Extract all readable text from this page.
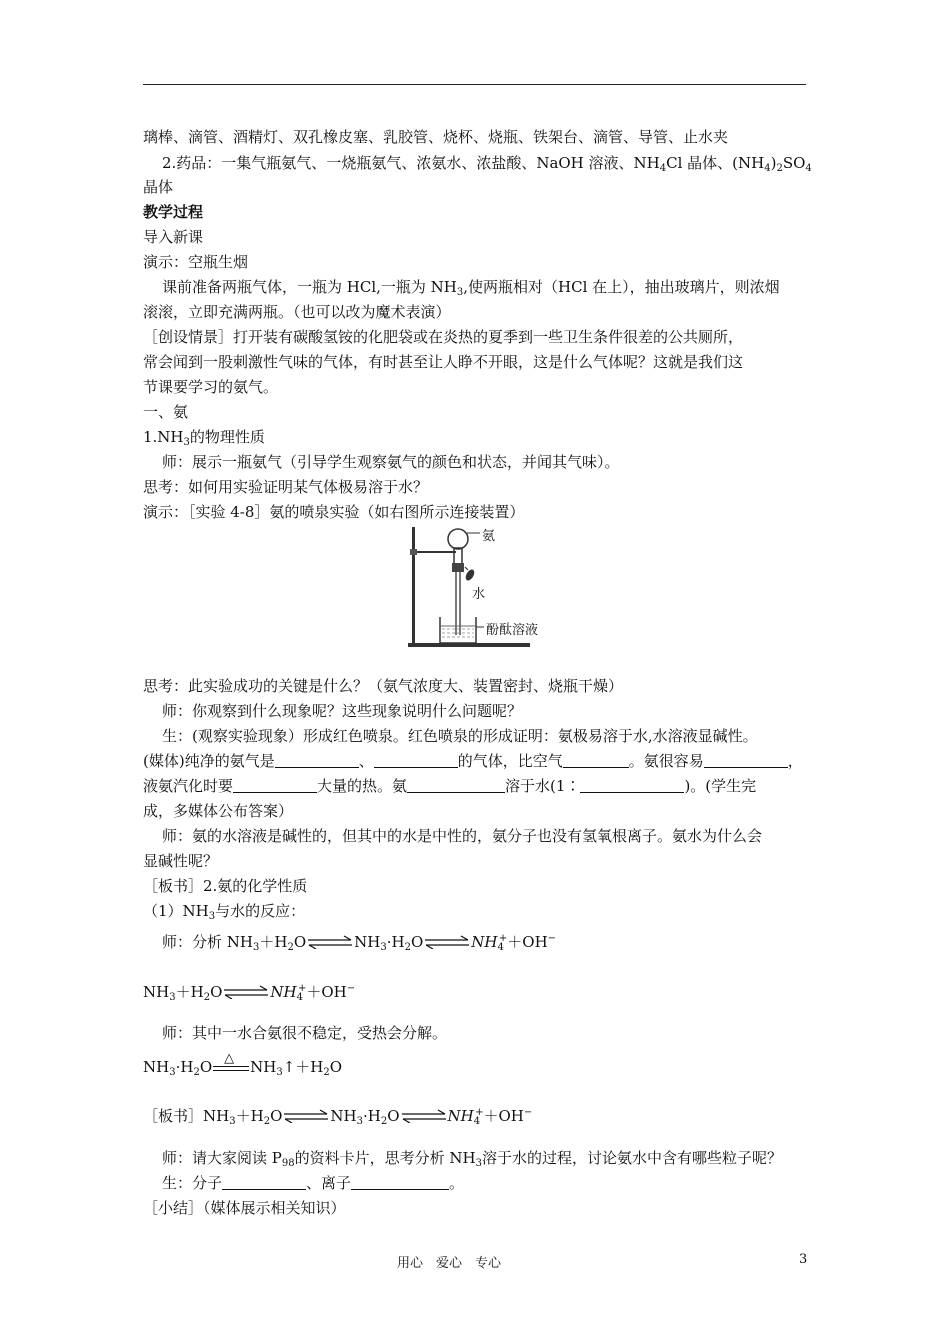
璃棒、滴管、酒精灯、双孔橡皮塞、乳胶管、烧杯、烧瓶、铁架台、滴管、导管、止水夹
2.药品：一集气瓶氨气、一烧瓶氨气、浓氨水、浓盐酸、NaOH 溶液、$NH_4Cl$ 晶体、$(NH_4)_2SO_4$
晶体
教学过程
导入新课
演示：空瓶生烟
课前准备两瓶气体，一瓶为 HCl,一瓶为 $NH_3$,使两瓶相对（HCl 在上），抽出玻璃片，则浓烟
滚滚，立即充满两瓶。（也可以改为魔术表演）
［创设情景］打开装有碳酸氢铵的化肥袋或在炎热的夏季到一些卫生条件很差的公共厕所，
常会闻到一股刺激性气味的气体，有时甚至让人睁不开眼，这是什么气体呢？这就是我们这
节课要学习的氨气。
一、氨
$1.NH_3$的物理性质
师：展示一瓶氨气（引导学生观察氨气的颜色和状态，并闻其气味）。
思考：如何用实验证明某气体极易溶于水？
演示：［实验 4-8］氨的喷泉实验（如右图所示连接装置）
氨
水
酚酞溶液
思考：此实验成功的关键是什么？（氨气浓度大、装置密封、烧瓶干燥）
师：你观察到什么现象呢？这些现象说明什么问题呢？
生：(观察实验现象）形成红色喷泉。红色喷泉的形成证明：氨极易溶于水,水溶液显碱性。
(媒体)纯净的氨气是	、	的气体，比空气	。氨很容易	，
液氨汽化时要	大量的热。氨	溶于水(1∶	)。(学生完
成，多媒体公布答案）
师：氨的水溶液是碱性的，但其中的水是中性的，氨分子也没有氢氧根离子。氨水为什么会
显碱性呢？
［板书］2.氨的化学性质
$(1)NH_3$与水的反应：
师：分析 $NH_3+H_2O\rightleftharpoons NH_3\cdot H_2O\rightleftharpoons NH_4^++OH^-$
$NH_3+H_2O\rightleftharpoons NH_4^++OH^-$
师：其中一水合氨很不稳定，受热会分解。
$NH_3\cdot H_2O$ △ $NH_3↑+H_2O$
［板书$]NH_3+H_2O\rightleftharpoons NH_3\cdot H_2O\rightleftharpoons NH_4^++OH^-$
师：请大家阅读 $P_{98}$的资料卡片，思考分析 $NH_3$溶于水的过程，讨论氨水中含有哪些粒子呢？
生：分子	、离子	。
［小结］（媒体展示相关知识）
用心　爱心　专心	3
